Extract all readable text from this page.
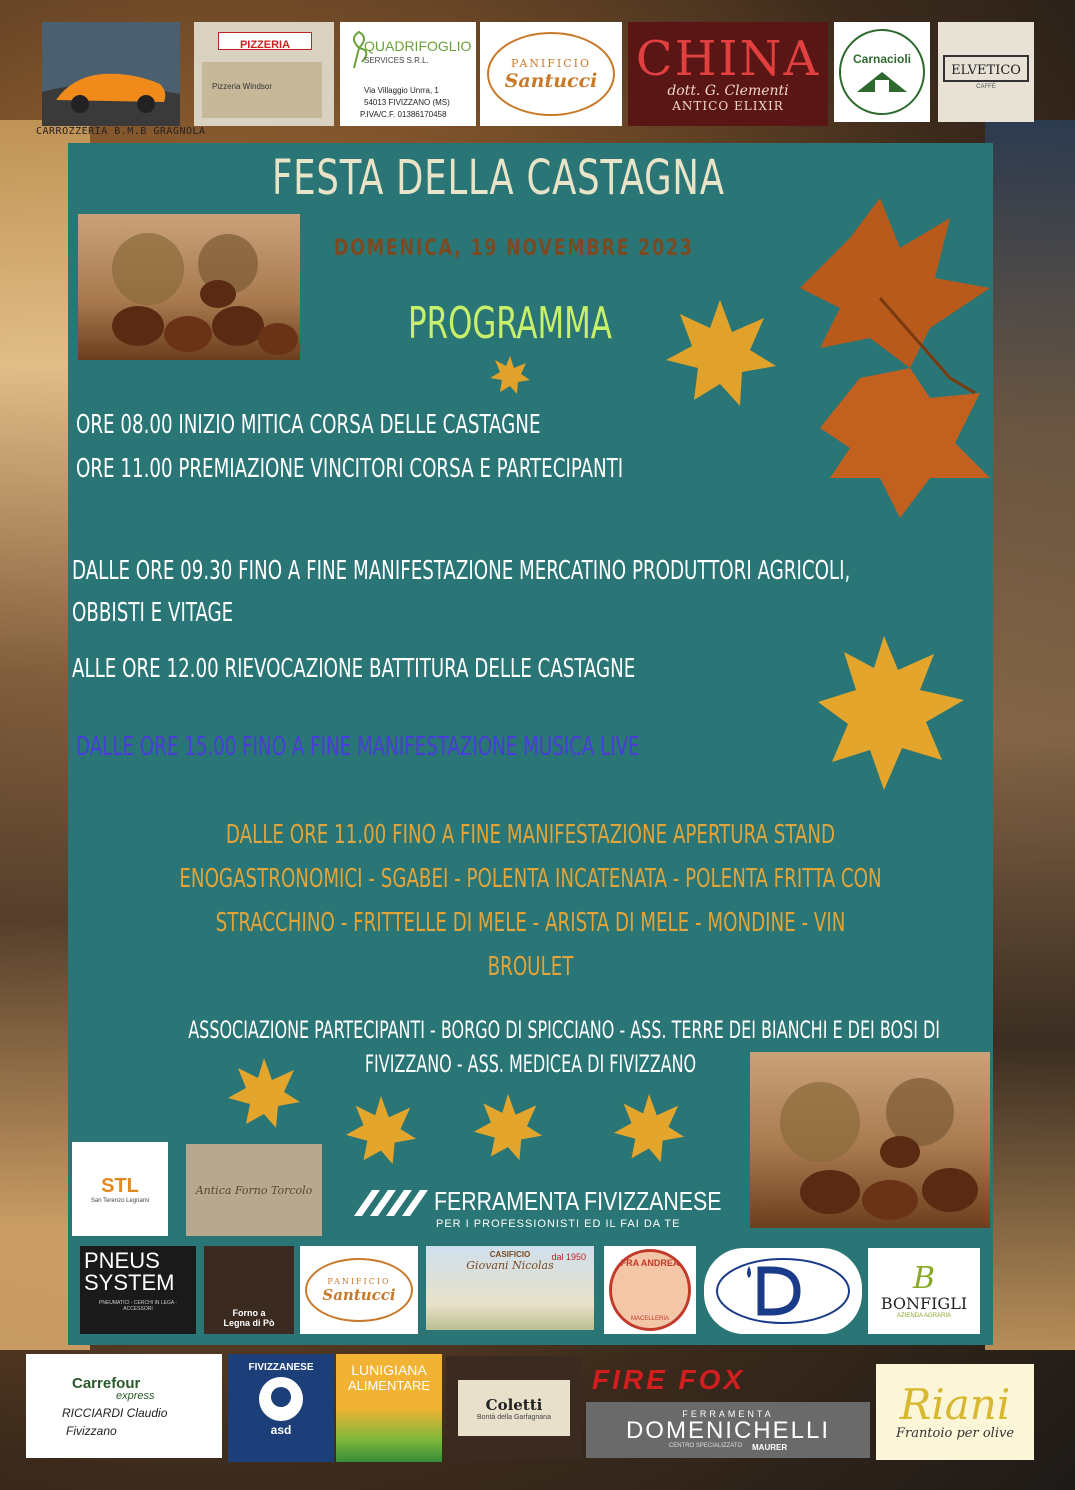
CARROZZERIA B.M.B GRAGNOLA

PIZZERIA
Pizzeria Windsor
QUADRIFOGLIO
SERVICES S.R.L.
Via Villaggio Unrra, 1
54013 FIVIZZANO (MS)
P.IVA/C.F. 01386170458
PANIFICIO
Santucci CHINA
dott. G. Clementi
ANTICO ELIXIR
Carnacioli
ELVETICO
CAFFÈ

FESTA DELLA CASTAGNA

DOMENICA, 19 NOVEMBRE 2023

PROGRAMMA

ORE 08.00 INIZIO MITICA CORSA DELLE CASTAGNE

ORE 11.00 PREMIAZIONE VINCITORI CORSA E PARTECIPANTI

DALLE ORE 09.30 FINO A FINE MANIFESTAZIONE MERCATINO PRODUTTORI AGRICOLI,

OBBISTI E VITAGE

ALLE ORE 12.00 RIEVOCAZIONE BATTITURA DELLE CASTAGNE

DALLE ORE 15.00 FINO A FINE MANIFESTAZIONE MUSICA LIVE

DALLE ORE 11.00 FINO A FINE MANIFESTAZIONE APERTURA STAND

ENOGASTRONOMICI - SGABEI - POLENTA INCATENATA - POLENTA FRITTA CON

STRACCHINO - FRITTELLE DI MELE - ARISTA DI MELE - MONDINE - VIN

BROULET

ASSOCIAZIONE PARTECIPANTI - BORGO DI SPICCIANO - ASS. TERRE DEI BIANCHI E DEI BOSI DI

FIVIZZANO - ASS. MEDICEA DI FIVIZZANO

STL
San Terenzo Legnami
Antica Forno Torcolo	FERRAMENTA FIVIZZANESE

PER I PROFESSIONISTI ED IL FAI DA TE

PNEUS
SYSTEM
PNEUMATICI - CERCHI IN LEGA - ACCESSORI	Forno a
Legna di Pò
PANIFICIO
Santucci
CASIFICIO
Giovani Nicolas
dal 1950
FRA ANDREA
MACELLERIA
B
BONFIGLI
AZIENDA AGRARIA
Carrefour
express
RICCIARDI Claudio
Fivizzano
FIVIZZANESE
asd
LUNIGIANA
ALIMENTARE
Coletti
Bontà della Garfagnana

FIRE FOX

FERRAMENTA
DOMENICHELLI
CENTRO SPECIALIZZATO MAURER
Riani
Frantoio per olive
